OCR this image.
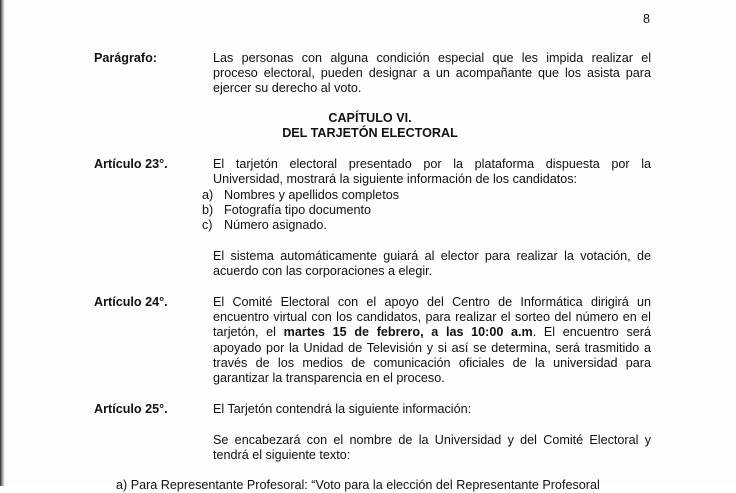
8
Parágrafo:	Las personas con alguna condición especial que les impida realizar el proceso electoral, pueden designar a un acompañante que los asista para ejercer su derecho al voto.

CAPÍTULO VI.
DEL TARJETÓN ELECTORAL
Artículo 23°.	El tarjetón electoral presentado por la plataforma dispuesta por la Universidad, mostrará la siguiente información de los candidatos:

a) Nombres y apellidos completos
b) Fotografía tipo documento
c) Número asignado.

El sistema automáticamente guiará al elector para realizar la votación, de acuerdo con las corporaciones a elegir.

Artículo 24°.	El Comité Electoral con el apoyo del Centro de Informática dirigirá un encuentro virtual con los candidatos, para realizar el sorteo del número en el tarjetón, el martes 15 de febrero, a las 10:00 a.m. El encuentro será apoyado por la Unidad de Televisión y si así se determina, será trasmitido a través de los medios de comunicación oficiales de la universidad para garantizar la transparencia en el proceso.

Artículo 25°.	El Tarjetón contendrá la siguiente información:

Se encabezará con el nombre de la Universidad y del Comité Electoral y tendrá el siguiente texto:

a) Para Representante Profesoral: “Voto para la elección del Representante Profesoral
